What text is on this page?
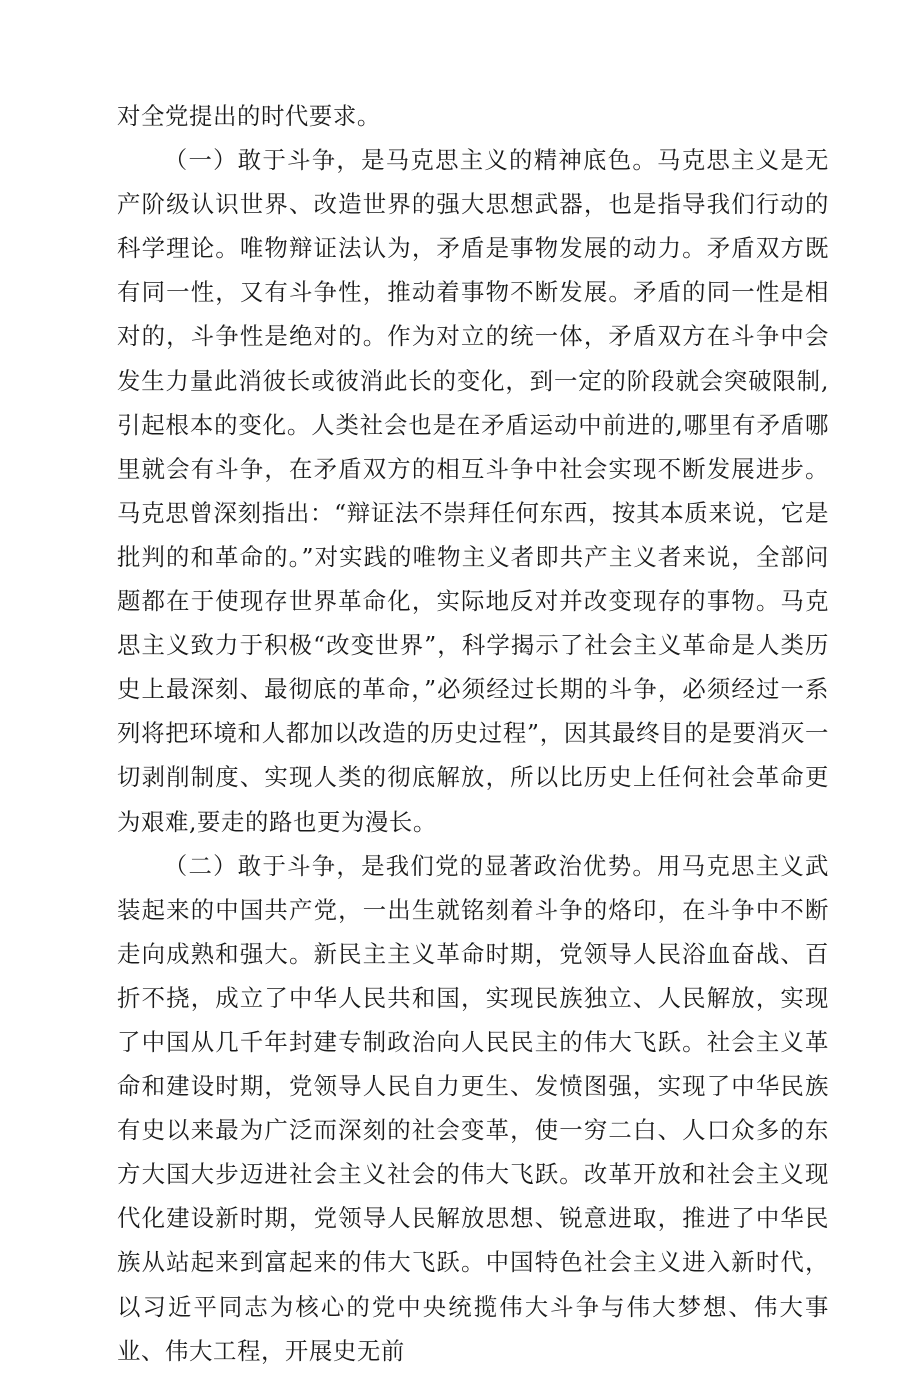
对全党提出的时代要求。

（一）敢于斗争，是马克思主义的精神底色。马克思主义是无产阶级认识世界、改造世界的强大思想武器，也是指导我们行动的科学理论。唯物辩证法认为，矛盾是事物发展的动力。矛盾双方既有同一性，又有斗争性，推动着事物不断发展。矛盾的同一性是相对的，斗争性是绝对的。作为对立的统一体，矛盾双方在斗争中会发生力量此消彼长或彼消此长的变化，到一定的阶段就会突破限制,引起根本的变化。人类社会也是在矛盾运动中前进的,哪里有矛盾哪里就会有斗争，在矛盾双方的相互斗争中社会实现不断发展进步。马克思曾深刻指出：“辩证法不崇拜任何东西，按其本质来说，它是批判的和革命的。”对实践的唯物主义者即共产主义者来说，全部问题都在于使现存世界革命化，实际地反对并改变现存的事物。马克思主义致力于积极“改变世界”，科学揭示了社会主义革命是人类历史上最深刻、最彻底的革命，”必须经过长期的斗争，必须经过一系列将把环境和人都加以改造的历史过程”，因其最终目的是要消灭一切剥削制度、实现人类的彻底解放，所以比历史上任何社会革命更为艰难,要走的路也更为漫长。

（二）敢于斗争，是我们党的显著政治优势。用马克思主义武装起来的中国共产党，一出生就铭刻着斗争的烙印，在斗争中不断走向成熟和强大。新民主主义革命时期，党领导人民浴血奋战、百折不挠，成立了中华人民共和国，实现民族独立、人民解放，实现了中国从几千年封建专制政治向人民民主的伟大飞跃。社会主义革命和建设时期，党领导人民自力更生、发愤图强，实现了中华民族有史以来最为广泛而深刻的社会变革，使一穷二白、人口众多的东方大国大步迈进社会主义社会的伟大飞跃。改革开放和社会主义现代化建设新时期，党领导人民解放思想、锐意进取，推进了中华民族从站起来到富起来的伟大飞跃。中国特色社会主义进入新时代，以习近平同志为核心的党中央统揽伟大斗争与伟大梦想、伟大事业、伟大工程，开展史无前
